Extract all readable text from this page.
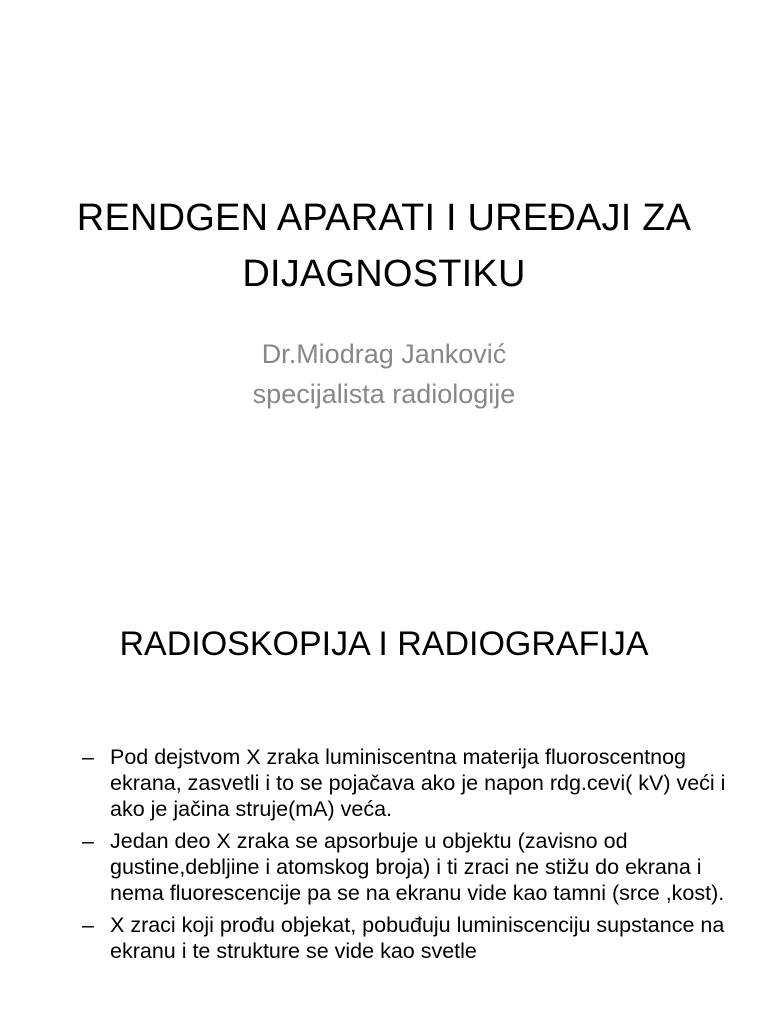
RENDGEN APARATI I UREĐAJI ZA
DIJAGNOSTIKU
Dr.Miodrag Janković
specijalista radiologije
RADIOSKOPIJA I RADIOGRAFIJA
– Pod dejstvom X zraka luminiscentna materija fluoroscentnog ekrana, zasvetli i to se pojačava ako je napon rdg.cevi( kV) veći i ako je jačina struje(mA) veća.
– Jedan deo X zraka se apsorbuje u objektu (zavisno od gustine,debljine i atomskog broja) i ti zraci ne stižu do ekrana i nema fluorescencije pa se na ekranu vide kao tamni (srce ,kost).
– X zraci koji prođu objekat, pobuđuju luminiscenciju supstance na ekranu i te strukture se vide kao svetle
